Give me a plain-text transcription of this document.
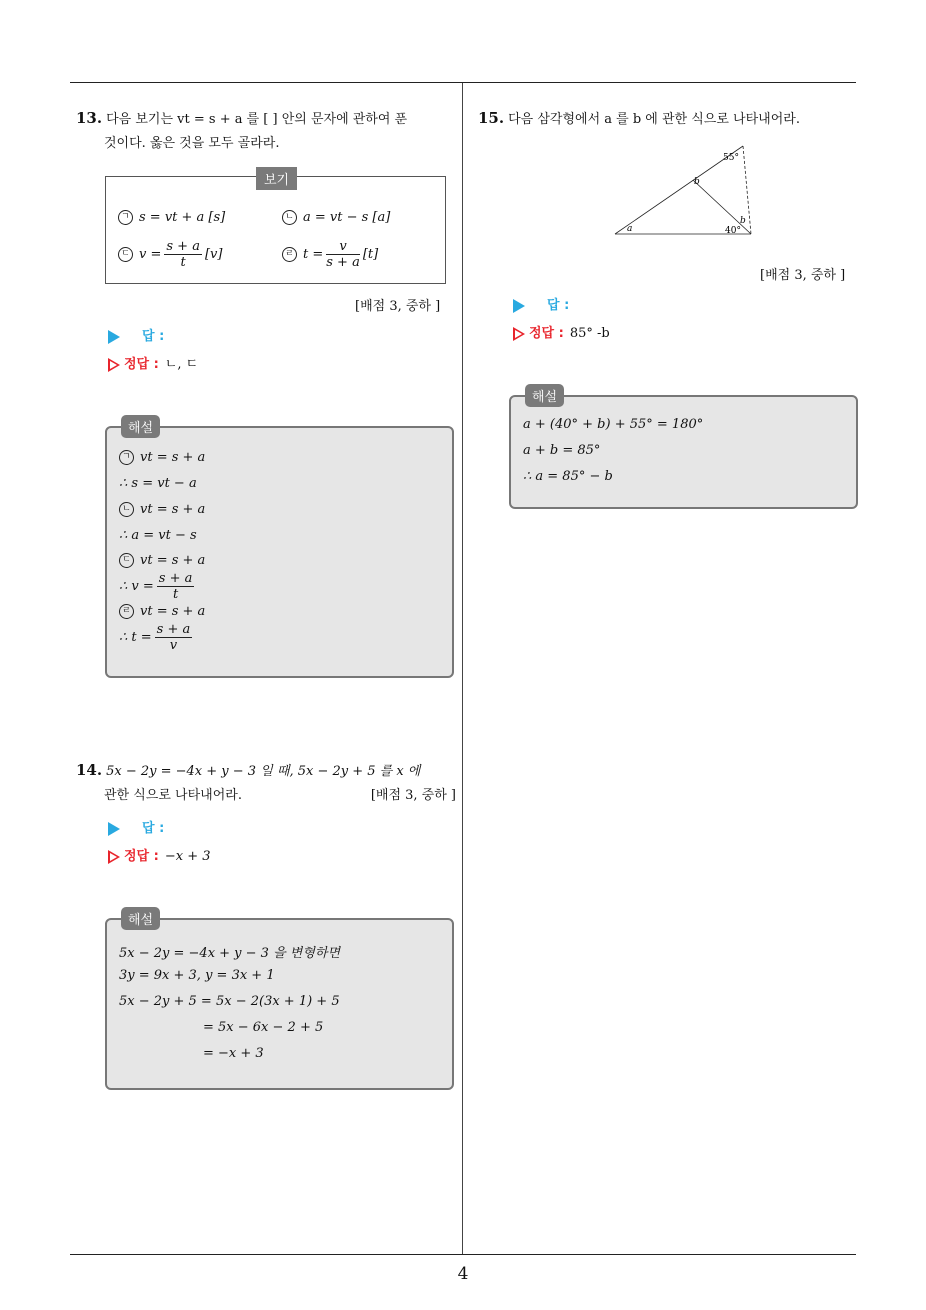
4
13. 다음 보기는 vt = s + a 를 [ ] 안의 문자에 관하여 푼
것이다. 옳은 것을 모두 골라라.
보기
ㄱ s = vt + a [s]	ㄴ a = vt − s [a]
ㄷ $v = \frac{s + a}{t} [v]$	ㄹ $t = \frac{v}{s + a} [t]$
[배점 3, 중하 ]
답 :
정답 : ㄴ, ㄷ
해설
ㄱ vt = s + a
∴ s = vt − a
ㄴ vt = s + a
∴ a = vt − s
ㄷ vt = s + a
∴ $v = \frac{s + a}{t}$
ㄹ vt = s + a
∴ $t = \frac{s + a}{v}$
14. 5x − 2y = −4x + y − 3 일 때, 5x − 2y + 5 를 x 에
관한 식으로 나타내어라.	[배점 3, 중하 ]
답 :
정답 : −x + 3
해설
5x − 2y = −4x + y − 3 을 변형하면
3y = 9x + 3, y = 3x + 1
5x − 2y + 5 = 5x − 2(3x + 1) + 5
= 5x − 6x − 2 + 5
= −x + 3
15. 다음 삼각형에서 a 를 b 에 관한 식으로 나타내어라.
55°
b
a	40°
b
[배점 3, 중하 ]
답 :
정답 : 85° -b
해설
a + (40° + b) + 55° = 180°
a + b = 85°
∴ a = 85° − b
